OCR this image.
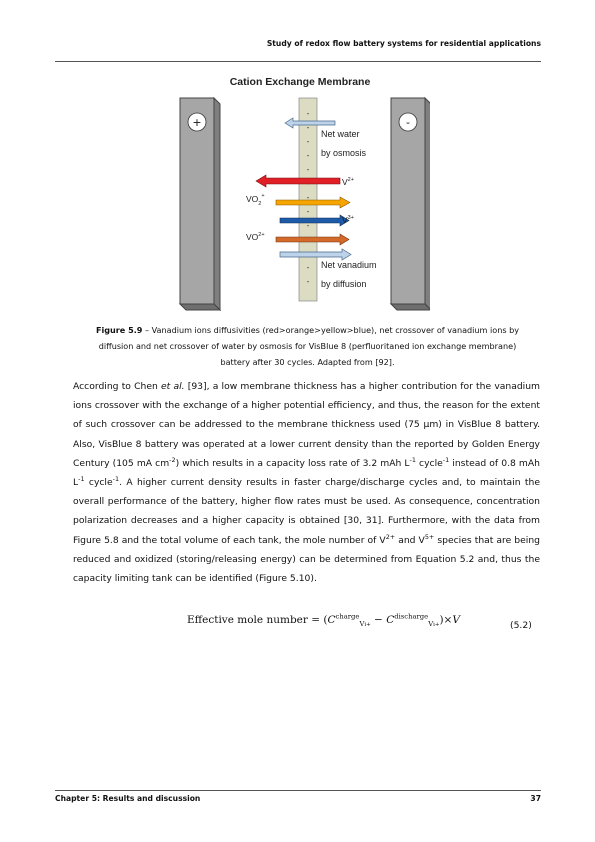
Study of redox flow battery systems for residential applications
Cation Exchange Membrane
+	-
-
-
-
-
-
-
-
-
-
-
Net water
by osmosis
$V^{2+}$
$VO_2^+$
$V^{3+}$
$VO^{2+}$
Net vanadium
by diffusion
Figure 5.9 – Vanadium ions diffusivities (red>orange>yellow>blue), net crossover of vanadium ions by
diffusion and net crossover of water by osmosis for VisBlue 8 (perfluoritaned ion exchange membrane)
battery after 30 cycles. Adapted from [92].

According to Chen et al. [93], a low membrane thickness has a higher contribution for the vanadium ions crossover with the exchange of a higher potential efficiency, and thus, the reason for the extent of such crossover can be addressed to the membrane thickness used (75 μm) in VisBlue 8 battery. Also, VisBlue 8 battery was operated at a lower current density than the reported by Golden Energy Century (105 mA $cm^{-2}$) which results in a capacity loss rate of 3.2 mAh $L^{-1}$ cycle$^{-1}$ instead of 0.8 mAh $L^{-1}$ cycle$^{-1}$. A higher current density results in faster charge/discharge cycles and, to maintain the overall performance of the battery, higher flow rates must be used. As consequence, concentration polarization decreases and a higher capacity is obtained [30, 31]. Furthermore, with the data from Figure 5.8 and the total volume of each tank, the mole number of $V^{2+}$ and $V^{5+}$ species that are being reduced and oxidized (storing/releasing energy) can be determined from Equation 5.2 and, thus the capacity limiting tank can be identified (Figure 5.10).

Effective mole number = $(C^{charge}_{Vi+} - C^{discharge}_{Vi+})\times V$	(5.2)
Chapter 5: Results and discussion	37
